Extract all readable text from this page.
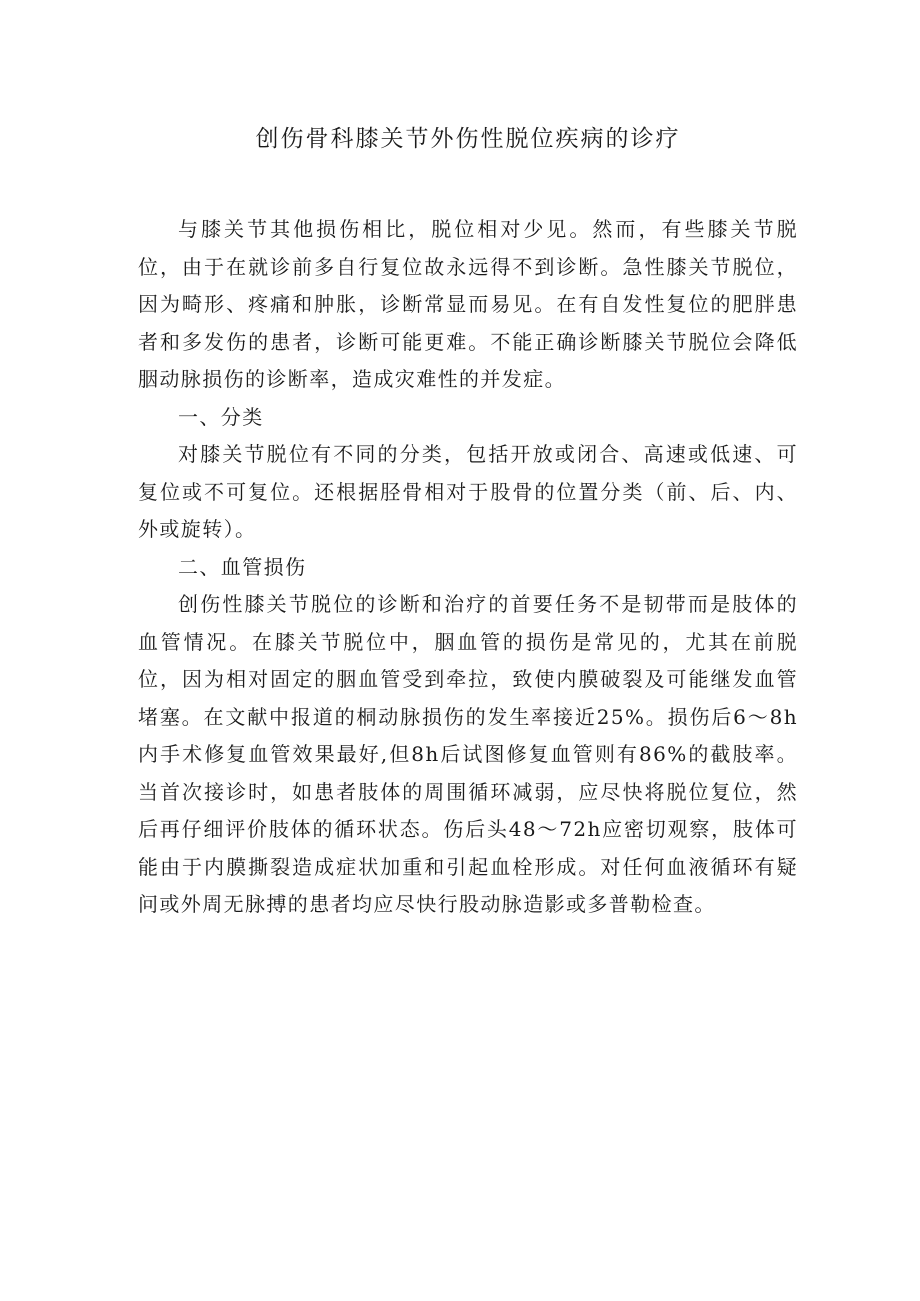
创伤骨科膝关节外伤性脱位疾病的诊疗

与膝关节其他损伤相比，脱位相对少见。然而，有些膝关节脱位，由于在就诊前多自行复位故永远得不到诊断。急性膝关节脱位，因为畸形、疼痛和肿胀，诊断常显而易见。在有自发性复位的肥胖患者和多发伤的患者，诊断可能更难。不能正确诊断膝关节脱位会降低胭动脉损伤的诊断率，造成灾难性的并发症。

一、分类

对膝关节脱位有不同的分类，包括开放或闭合、高速或低速、可复位或不可复位。还根据胫骨相对于股骨的位置分类（前、后、内、外或旋转）。

二、血管损伤

创伤性膝关节脱位的诊断和治疗的首要任务不是韧带而是肢体的血管情况。在膝关节脱位中，胭血管的损伤是常见的，尤其在前脱位，因为相对固定的胭血管受到牵拉，致使内膜破裂及可能继发血管堵塞。在文献中报道的桐动脉损伤的发生率接近25%。损伤后6～8h内手术修复血管效果最好,但8h后试图修复血管则有86%的截肢率。当首次接诊时，如患者肢体的周围循环减弱，应尽快将脱位复位，然后再仔细评价肢体的循环状态。伤后头48～72h应密切观察，肢体可能由于内膜撕裂造成症状加重和引起血栓形成。对任何血液循环有疑问或外周无脉搏的患者均应尽快行股动脉造影或多普勒检查。
